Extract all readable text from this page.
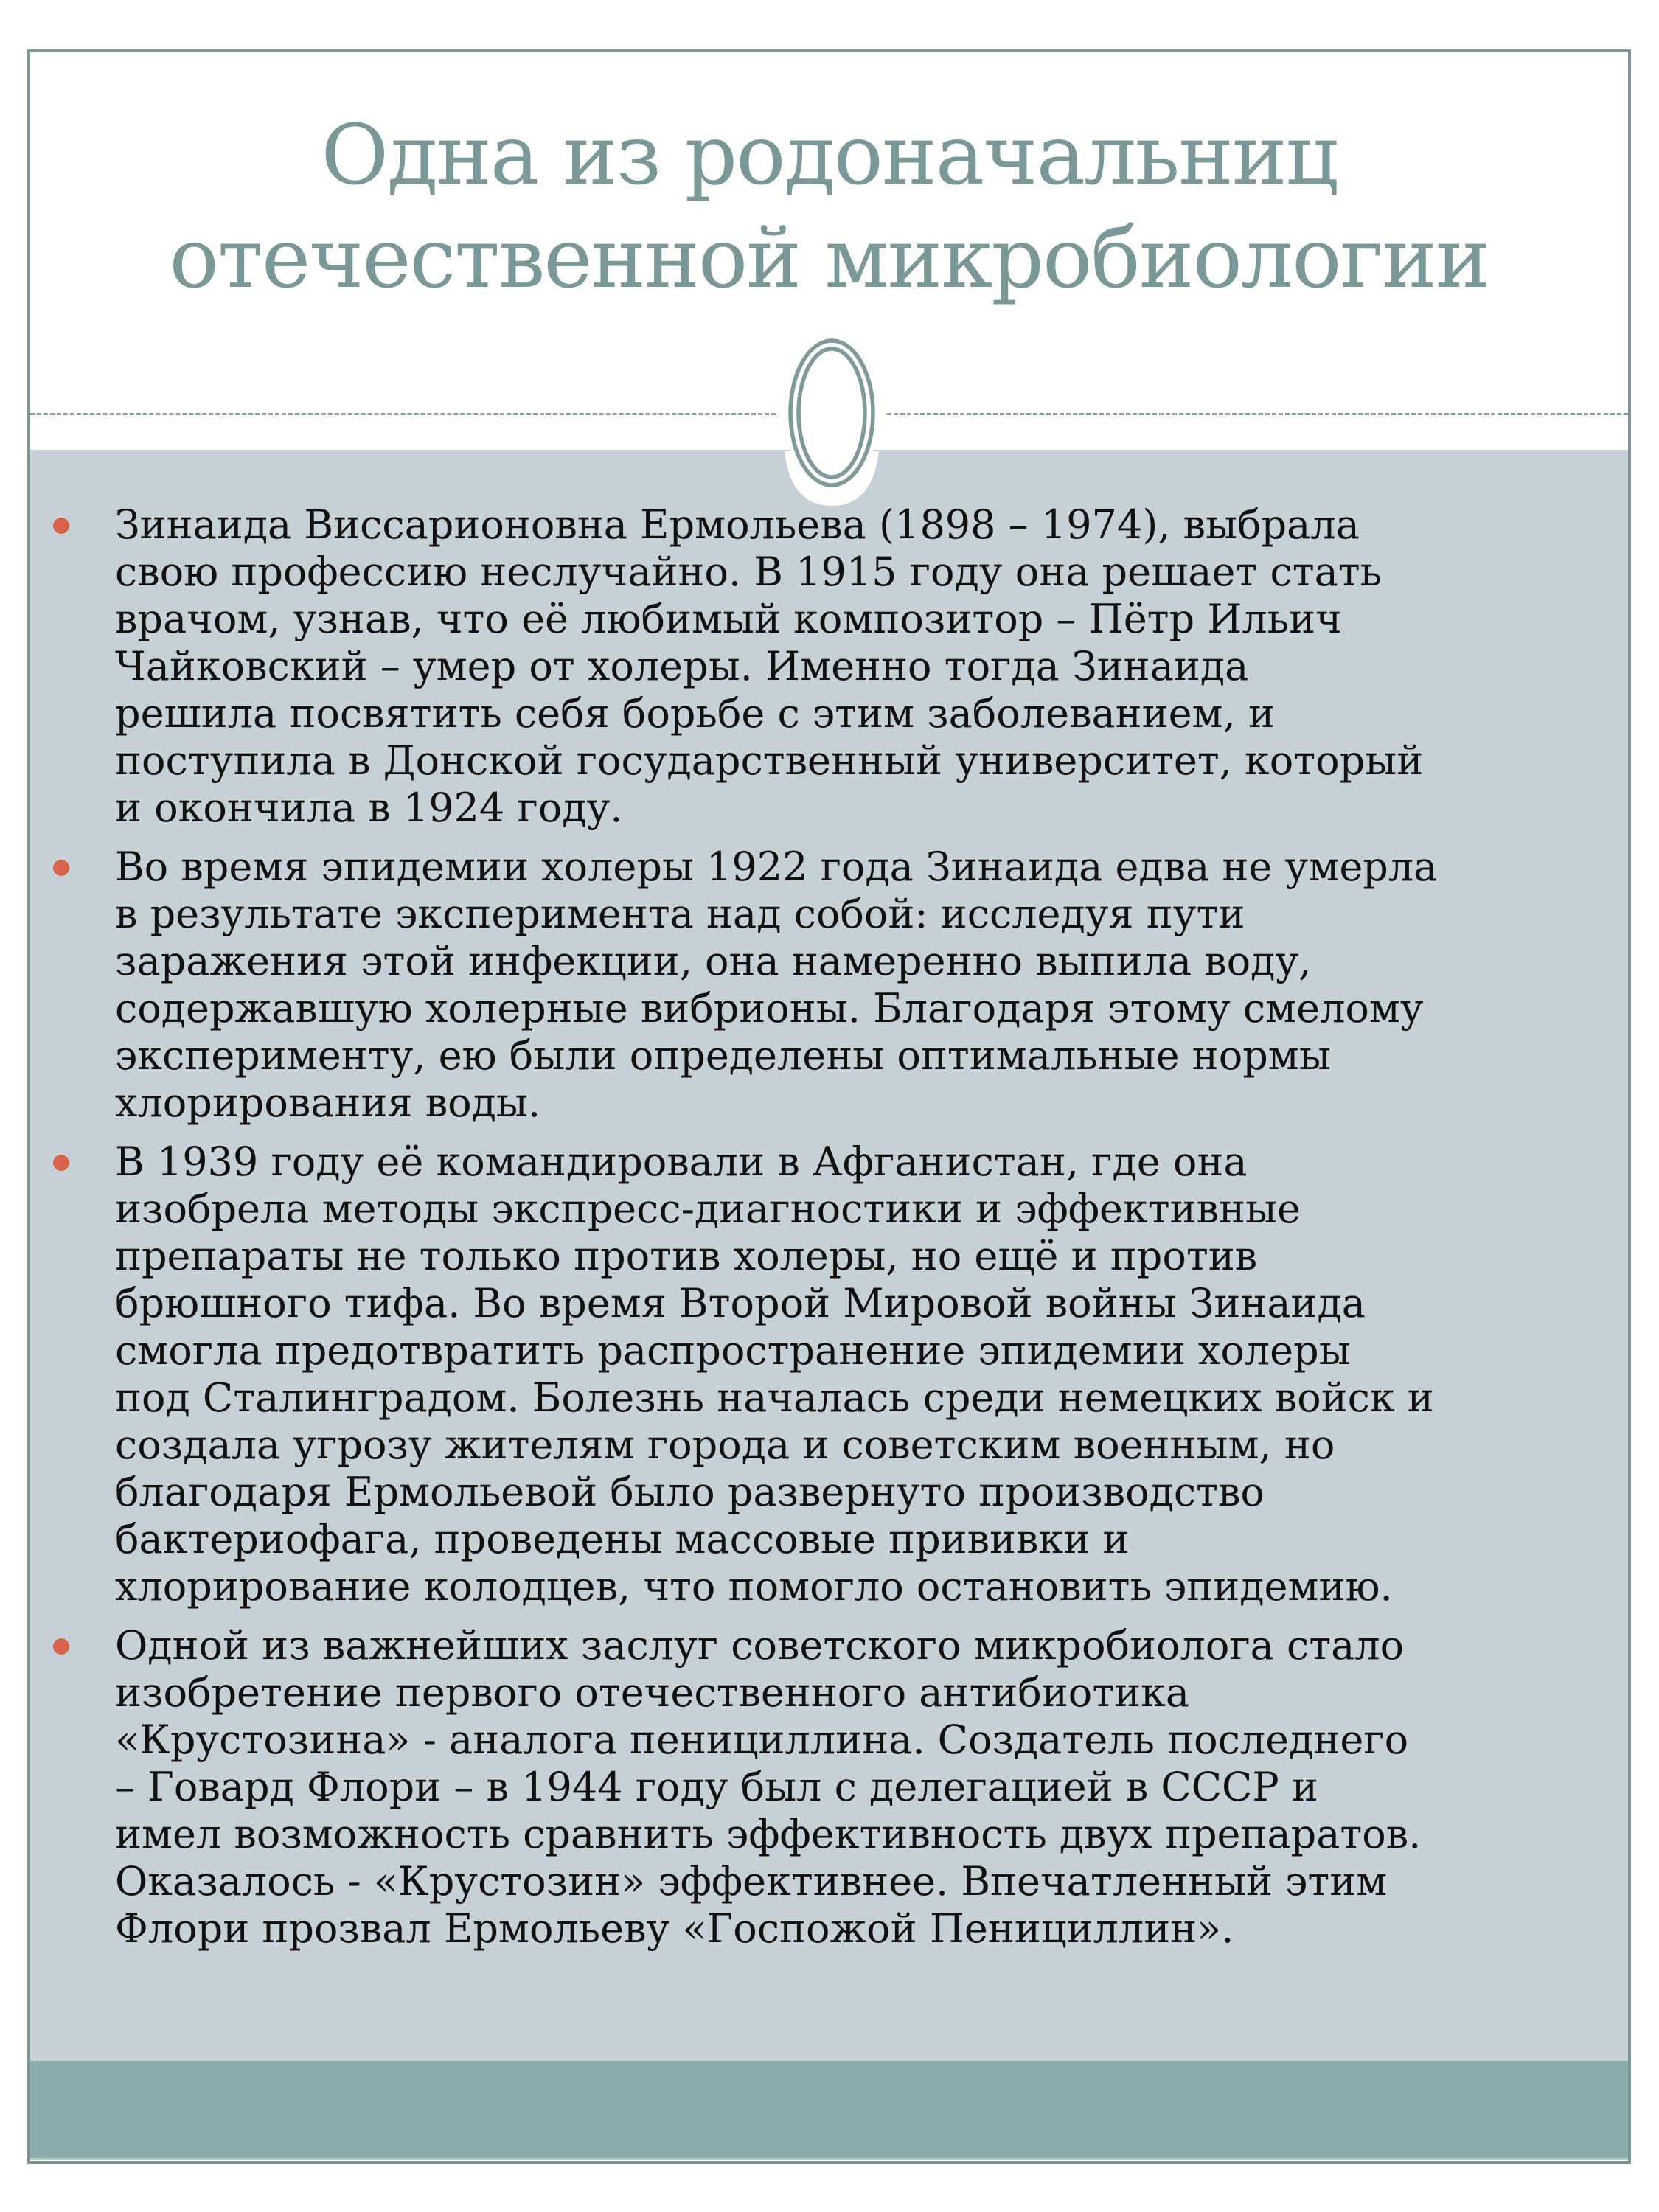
Одна из родоначальниц
отечественной микробиологии
Зинаида Виссарионовна Ермольева (1898 – 1974), выбрала
свою профессию неслучайно. В 1915 году она решает стать
врачом, узнав, что её любимый композитор – Пётр Ильич
Чайковский – умер от холеры. Именно тогда Зинаида
решила посвятить себя борьбе с этим заболеванием, и
поступила в Донской государственный университет, который
и окончила в 1924 году.
Во время эпидемии холеры 1922 года Зинаида едва не умерла
в результате эксперимента над собой: исследуя пути
заражения этой инфекции, она намеренно выпила воду,
содержавшую холерные вибрионы. Благодаря этому смелому
эксперименту, ею были определены оптимальные нормы
хлорирования воды.
В 1939 году её командировали в Афганистан, где она
изобрела методы экспресс-диагностики и эффективные
препараты не только против холеры, но ещё и против
брюшного тифа. Во время Второй Мировой войны Зинаида
смогла предотвратить распространение эпидемии холеры
под Сталинградом. Болезнь началась среди немецких войск и
создала угрозу жителям города и советским военным, но
благодаря Ермольевой было развернуто производство
бактериофага, проведены массовые прививки и
хлорирование колодцев, что помогло остановить эпидемию.
Одной из важнейших заслуг советского микробиолога стало
изобретение первого отечественного антибиотика
«Крустозина» - аналога пенициллина. Создатель последнего
– Говард Флори – в 1944 году был с делегацией в СССР и
имел возможность сравнить эффективность двух препаратов.
Оказалось - «Крустозин» эффективнее. Впечатленный этим
Флори прозвал Ермольеву «Госпожой Пенициллин».
